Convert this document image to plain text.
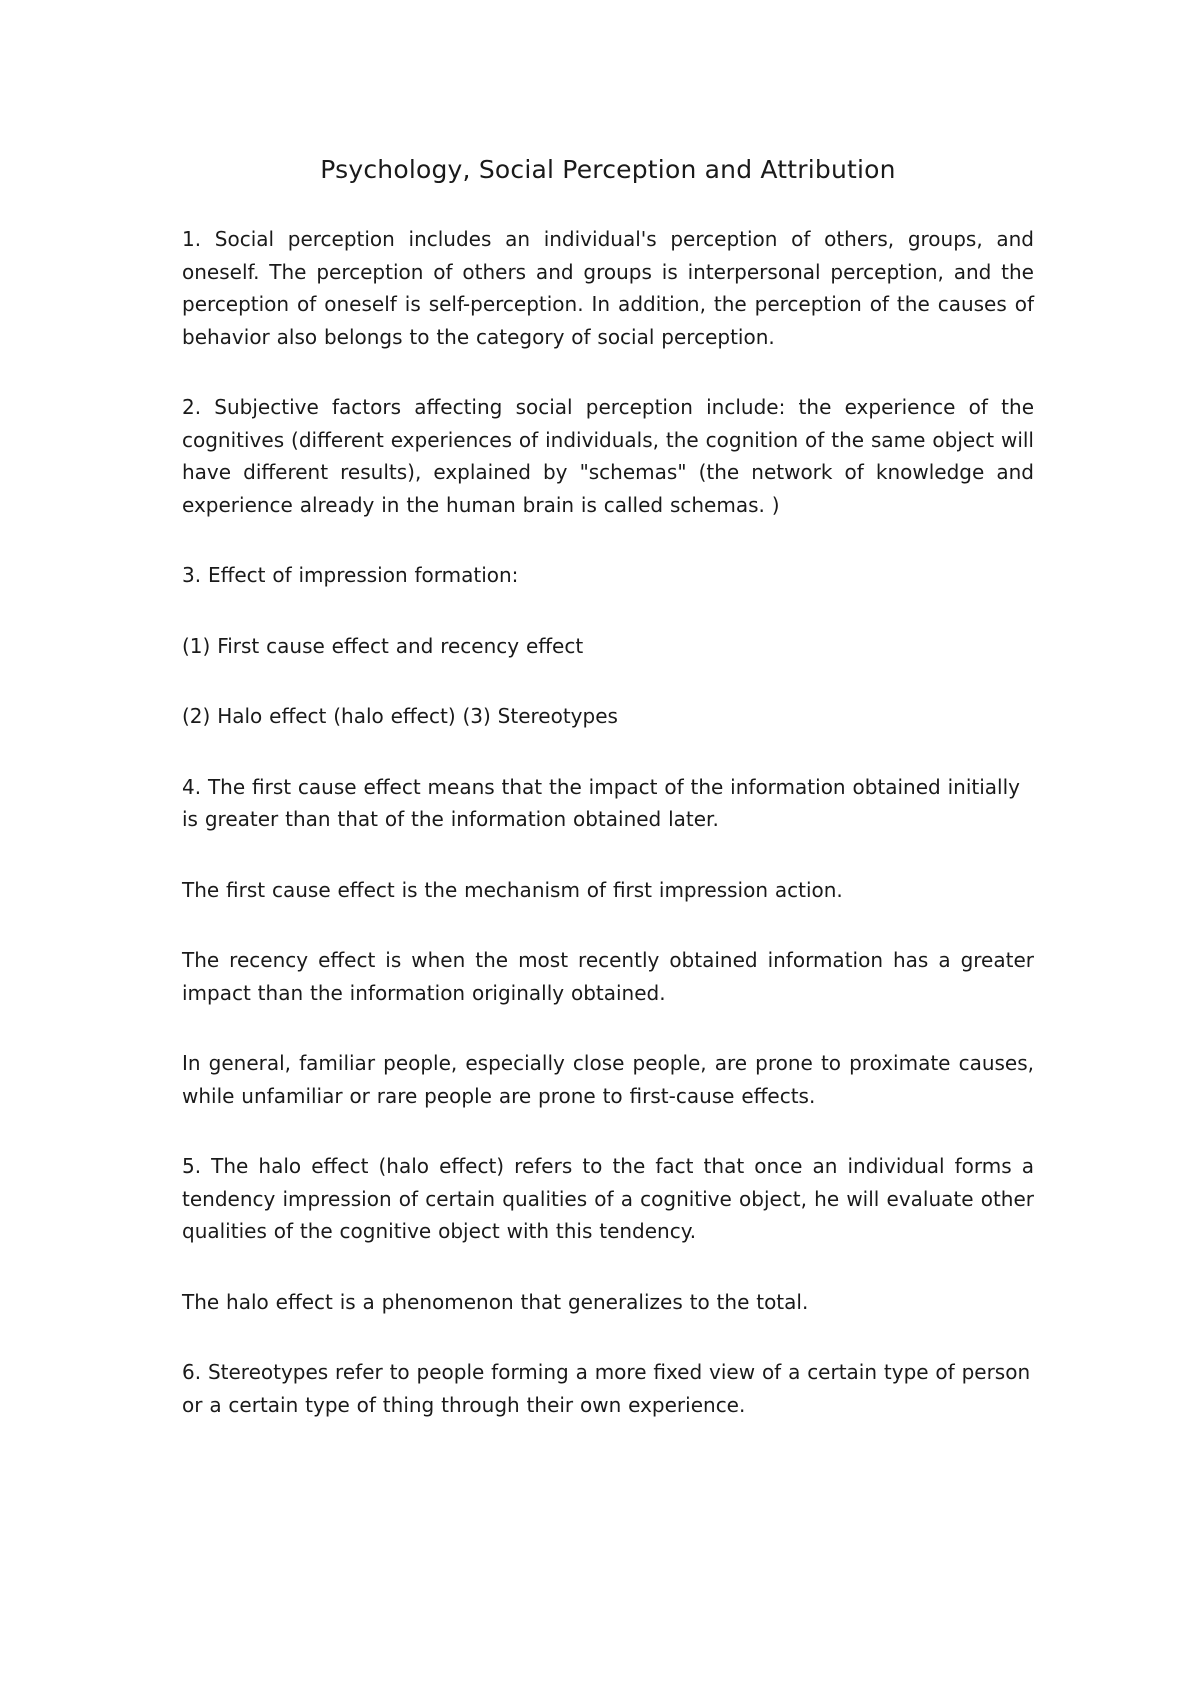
Psychology, Social Perception and Attribution

1. Social perception includes an individual's perception of others, groups, and oneself. The perception of others and groups is interpersonal perception, and the perception of oneself is self-perception. In addition, the perception of the causes of behavior also belongs to the category of social perception.

2. Subjective factors affecting social perception include: the experience of the cognitives (different experiences of individuals, the cognition of the same object will have different results), explained by "schemas" (the network of knowledge and experience already in the human brain is called schemas. )

3. Effect of impression formation:

(1) First cause effect and recency effect

(2) Halo effect (halo effect) (3) Stereotypes

4. The first cause effect means that the impact of the information obtained initially is greater than that of the information obtained later.

The first cause effect is the mechanism of first impression action.

The recency effect is when the most recently obtained information has a greater impact than the information originally obtained.

In general, familiar people, especially close people, are prone to proximate causes, while unfamiliar or rare people are prone to first-cause effects.

5. The halo effect (halo effect) refers to the fact that once an individual forms a tendency impression of certain qualities of a cognitive object, he will evaluate other qualities of the cognitive object with this tendency.

The halo effect is a phenomenon that generalizes to the total.

6. Stereotypes refer to people forming a more fixed view of a certain type of person or a certain type of thing through their own experience.
